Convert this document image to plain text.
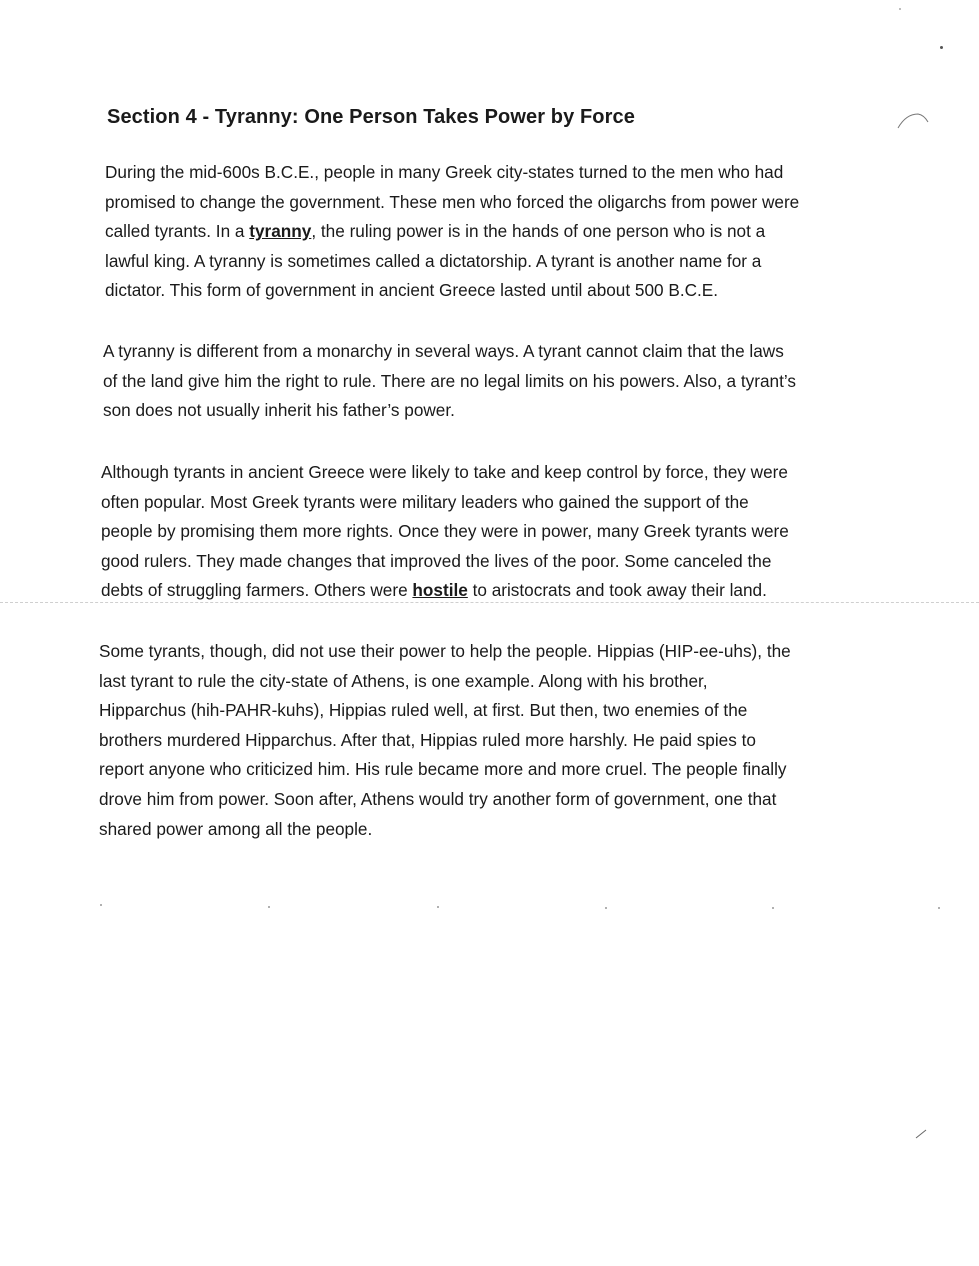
Section 4 - Tyranny: One Person Takes Power by Force
During the mid-600s B.C.E., people in many Greek city-states turned to the men who had
promised to change the government. These men who forced the oligarchs from power were
called tyrants. In a tyranny, the ruling power is in the hands of one person who is not a
lawful king. A tyranny is sometimes called a dictatorship. A tyrant is another name for a
dictator. This form of government in ancient Greece lasted until about 500 B.C.E.
A tyranny is different from a monarchy in several ways. A tyrant cannot claim that the laws
of the land give him the right to rule. There are no legal limits on his powers. Also, a tyrant’s
son does not usually inherit his father’s power.
Although tyrants in ancient Greece were likely to take and keep control by force, they were
often popular. Most Greek tyrants were military leaders who gained the support of the
people by promising them more rights. Once they were in power, many Greek tyrants were
good rulers. They made changes that improved the lives of the poor. Some canceled the
debts of struggling farmers. Others were hostile to aristocrats and took away their land.
Some tyrants, though, did not use their power to help the people. Hippias (HIP-ee-uhs), the
last tyrant to rule the city-state of Athens, is one example. Along with his brother,
Hipparchus (hih-PAHR-kuhs), Hippias ruled well, at first. But then, two enemies of the
brothers murdered Hipparchus. After that, Hippias ruled more harshly. He paid spies to
report anyone who criticized him. His rule became more and more cruel. The people finally
drove him from power. Soon after, Athens would try another form of government, one that
shared power among all the people.
